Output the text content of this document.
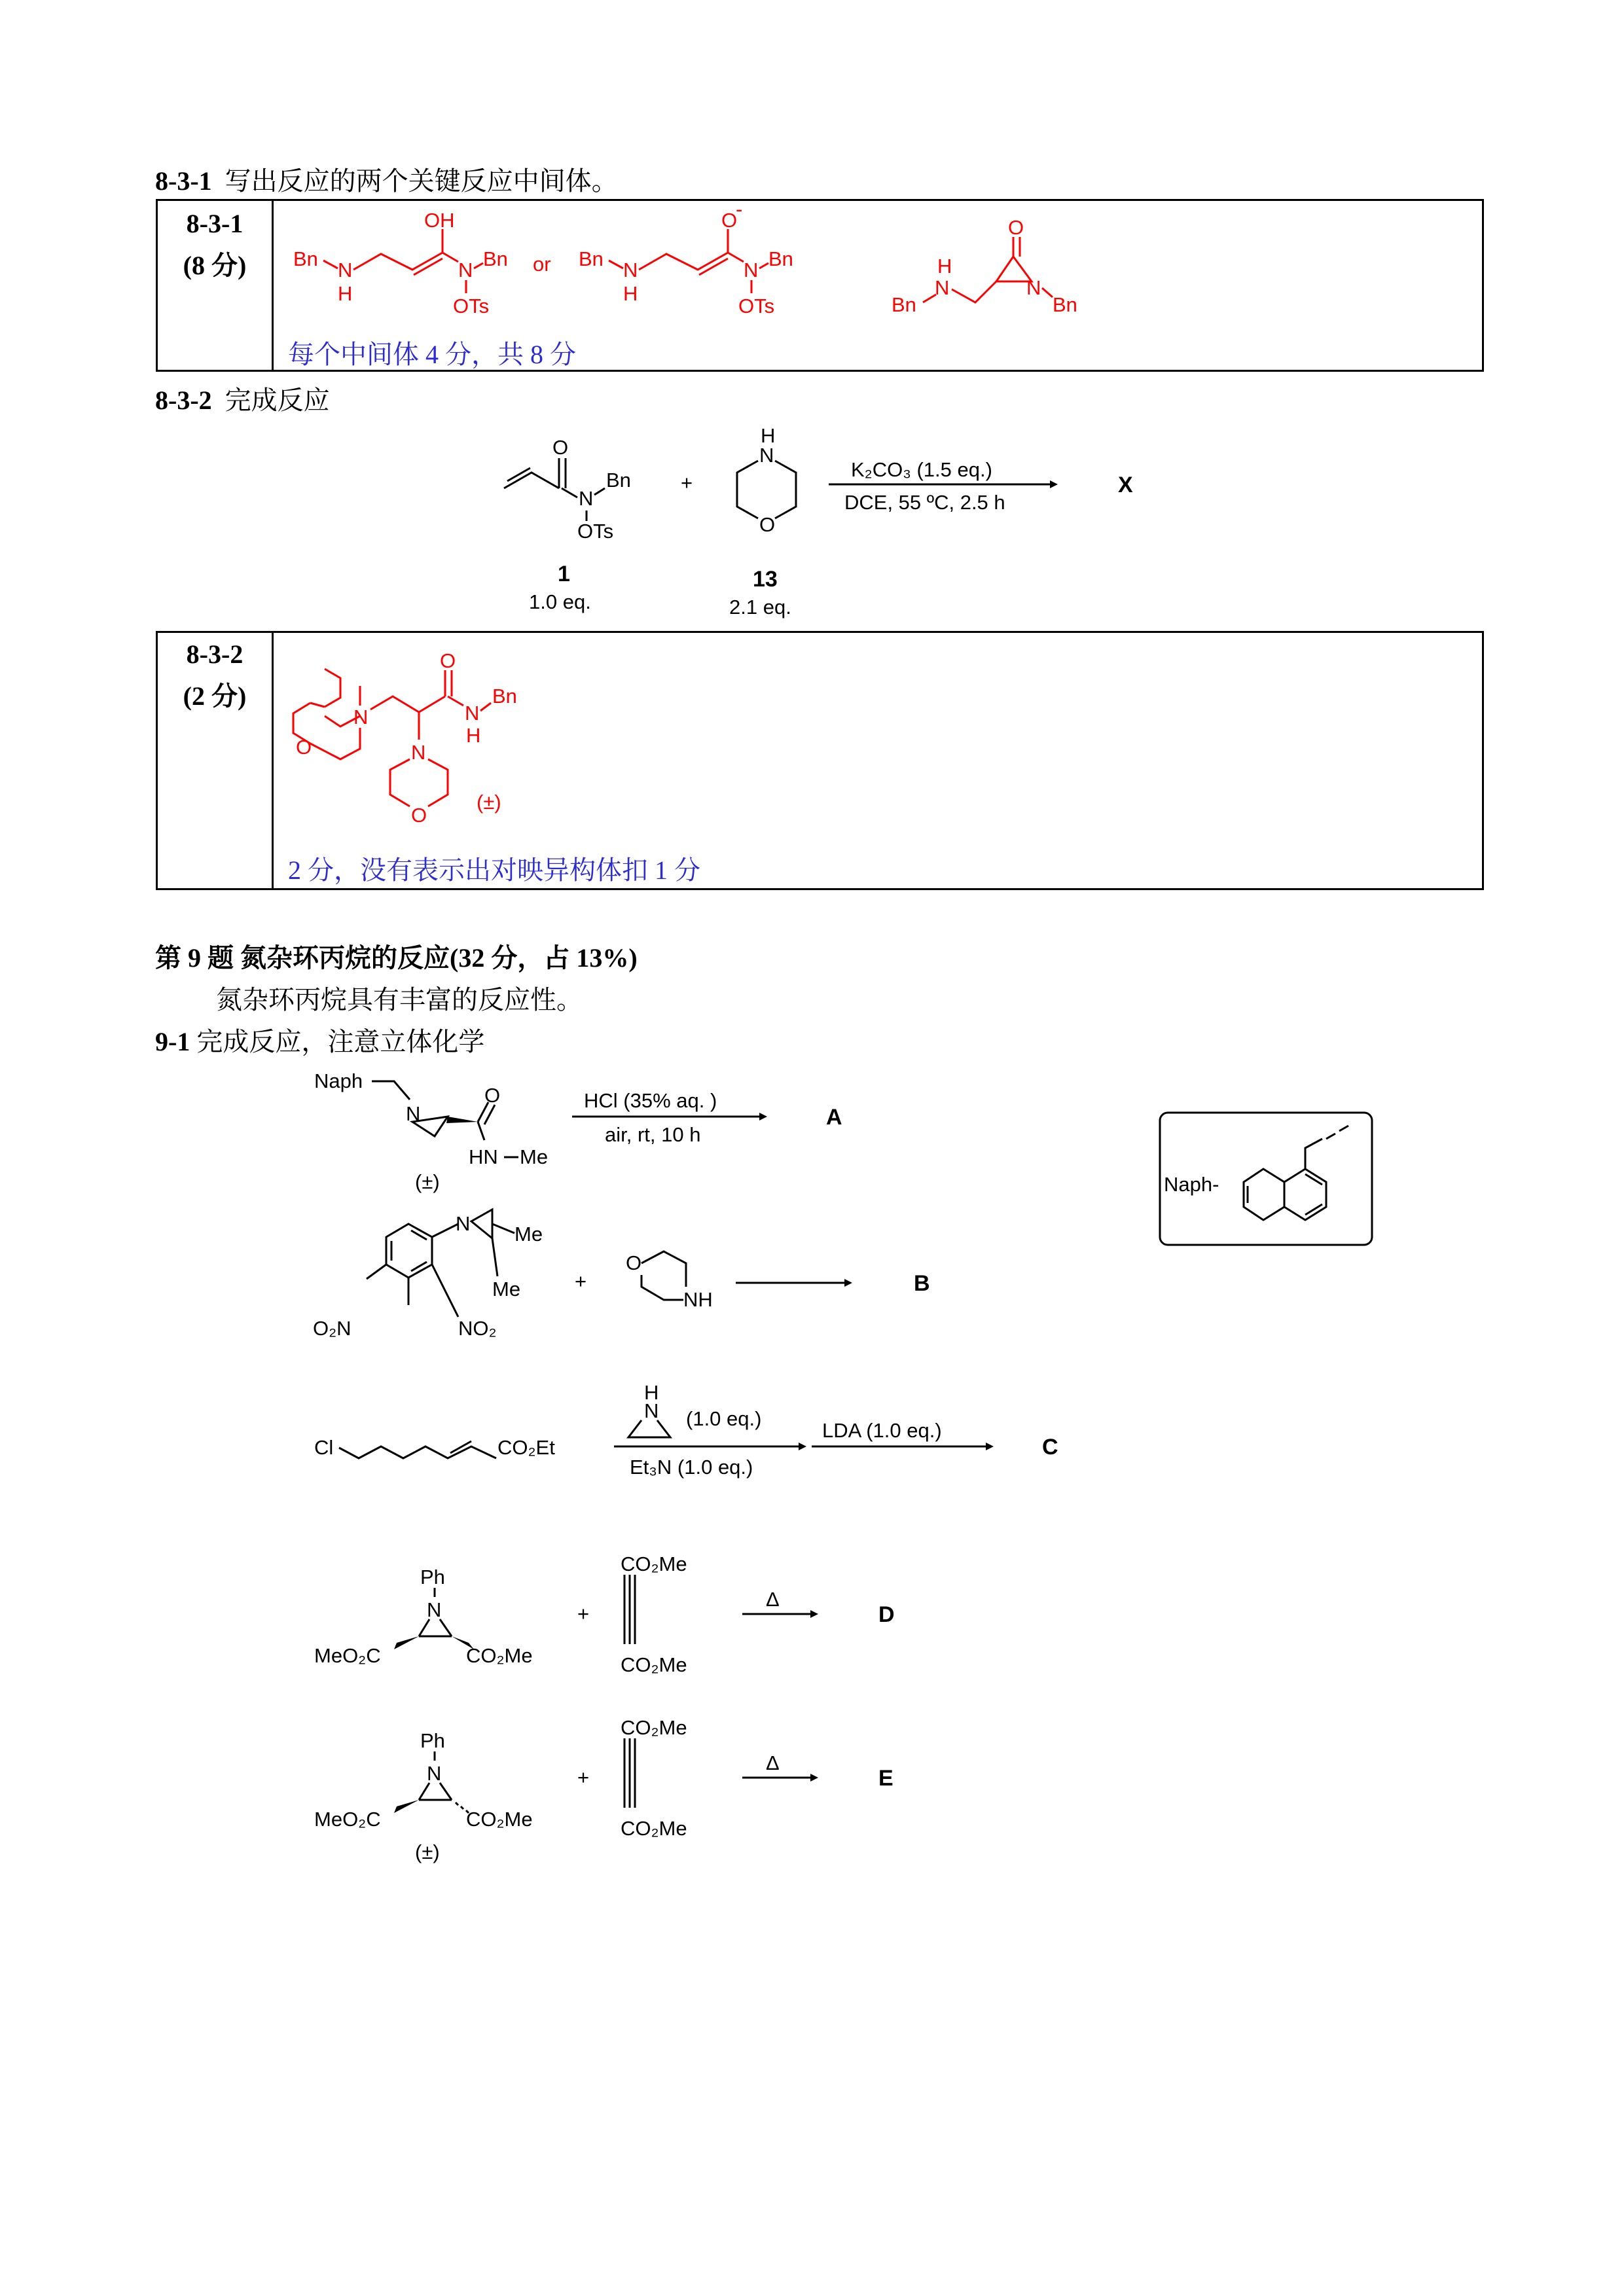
8-3-1 写出反应的两个关键反应中间体。
8-3-1
(8 分)	Bn N
H
OH
N Bn
OTs
or Bn N
H
O
-
N Bn
OTs	Bn
N
H
O
N
Bn
每个中间体 4 分，共 8 分
8-3-2 完成反应
O
N
Bn
OTs
1
1.0 eq.
+
H
N
O
13
2.1 eq.
K₂CO₃ (1.5 eq.)
DCE, 55 ºC, 2.5 h
X
8-3-2
(2 分)
O
N
O
N
H
Bn
N
O
(±)
2 分，没有表示出对映异构体扣 1 分
第 9 题 氮杂环丙烷的反应(32 分，占 13%)
氮杂环丙烷具有丰富的反应性。
9-1 完成反应，注意立体化学
Naph
N
O
HN Me
(±)
HCl (35% aq. )
air, rt, 10 h
A
Naph-
N Me
Me
O₂N	NO₂
+
O
NH
B
Cl	CO₂Et
H
N (1.0 eq.)
Et₃N (1.0 eq.)
LDA (1.0 eq.)
C
Ph
N
MeO₂C	CO₂Me
+
CO₂Me
CO₂Me
Δ
D
Ph
N
MeO₂C	CO₂Me
(±)
+
CO₂Me
CO₂Me
Δ
E
